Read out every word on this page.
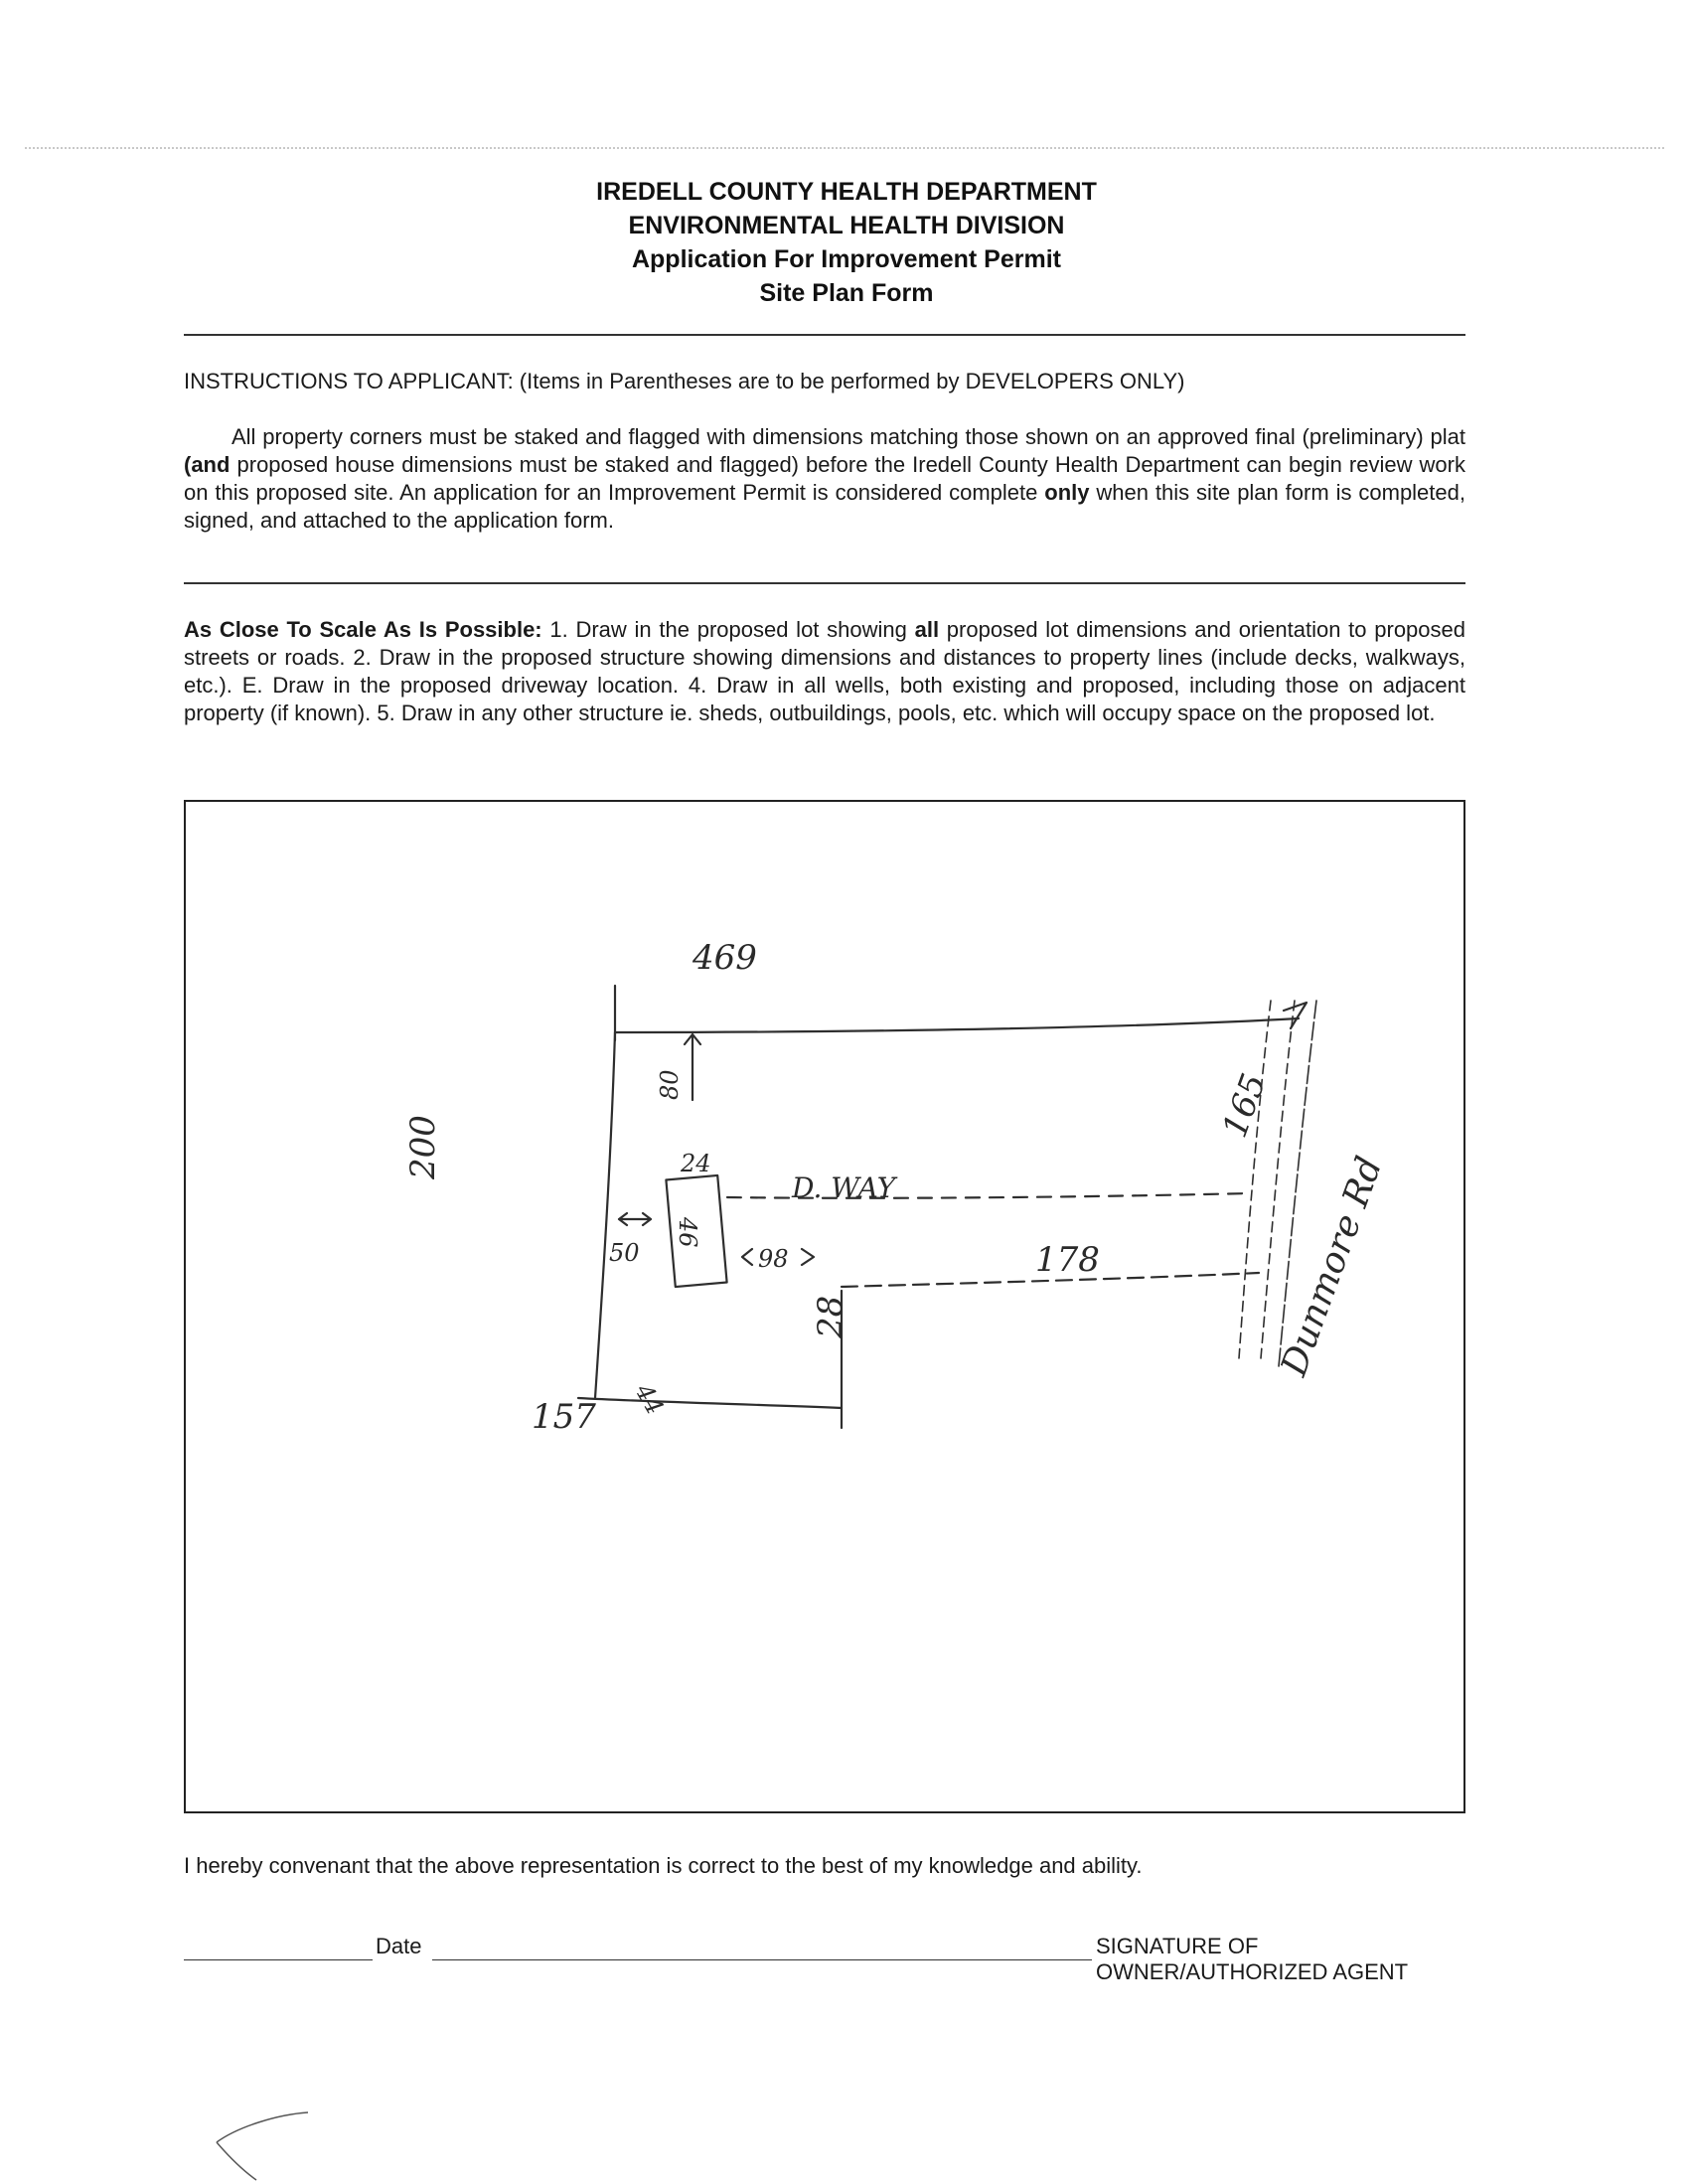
IREDELL COUNTY HEALTH DEPARTMENT
ENVIRONMENTAL HEALTH DIVISION
Application For Improvement Permit
Site Plan Form
INSTRUCTIONS TO APPLICANT: (Items in Parentheses are to be performed by DEVELOPERS ONLY)
All property corners must be staked and flagged with dimensions matching those shown on an approved final (preliminary) plat (and proposed house dimensions must be staked and flagged) before the Iredell County Health Department can begin review work on this proposed site. An application for an Improvement Permit is considered complete only when this site plan form is completed, signed, and attached to the application form.
As Close To Scale As Is Possible: 1. Draw in the proposed lot showing all proposed lot dimensions and orientation to proposed streets or roads. 2. Draw in the proposed structure showing dimensions and distances to property lines (include decks, walkways, etc.). E. Draw in the proposed driveway location. 4. Draw in all wells, both existing and proposed, including those on adjacent property (if known). 5. Draw in any other structure ie. sheds, outbuildings, pools, etc. which will occupy space on the proposed lot.
469
200
165
157
178
28	Dunmore Rd
80
50
24
46
44
D. WAY
98
I hereby convenant that the above representation is correct to the best of my knowledge and ability.
Date	SIGNATURE OF OWNER/AUTHORIZED AGENT
